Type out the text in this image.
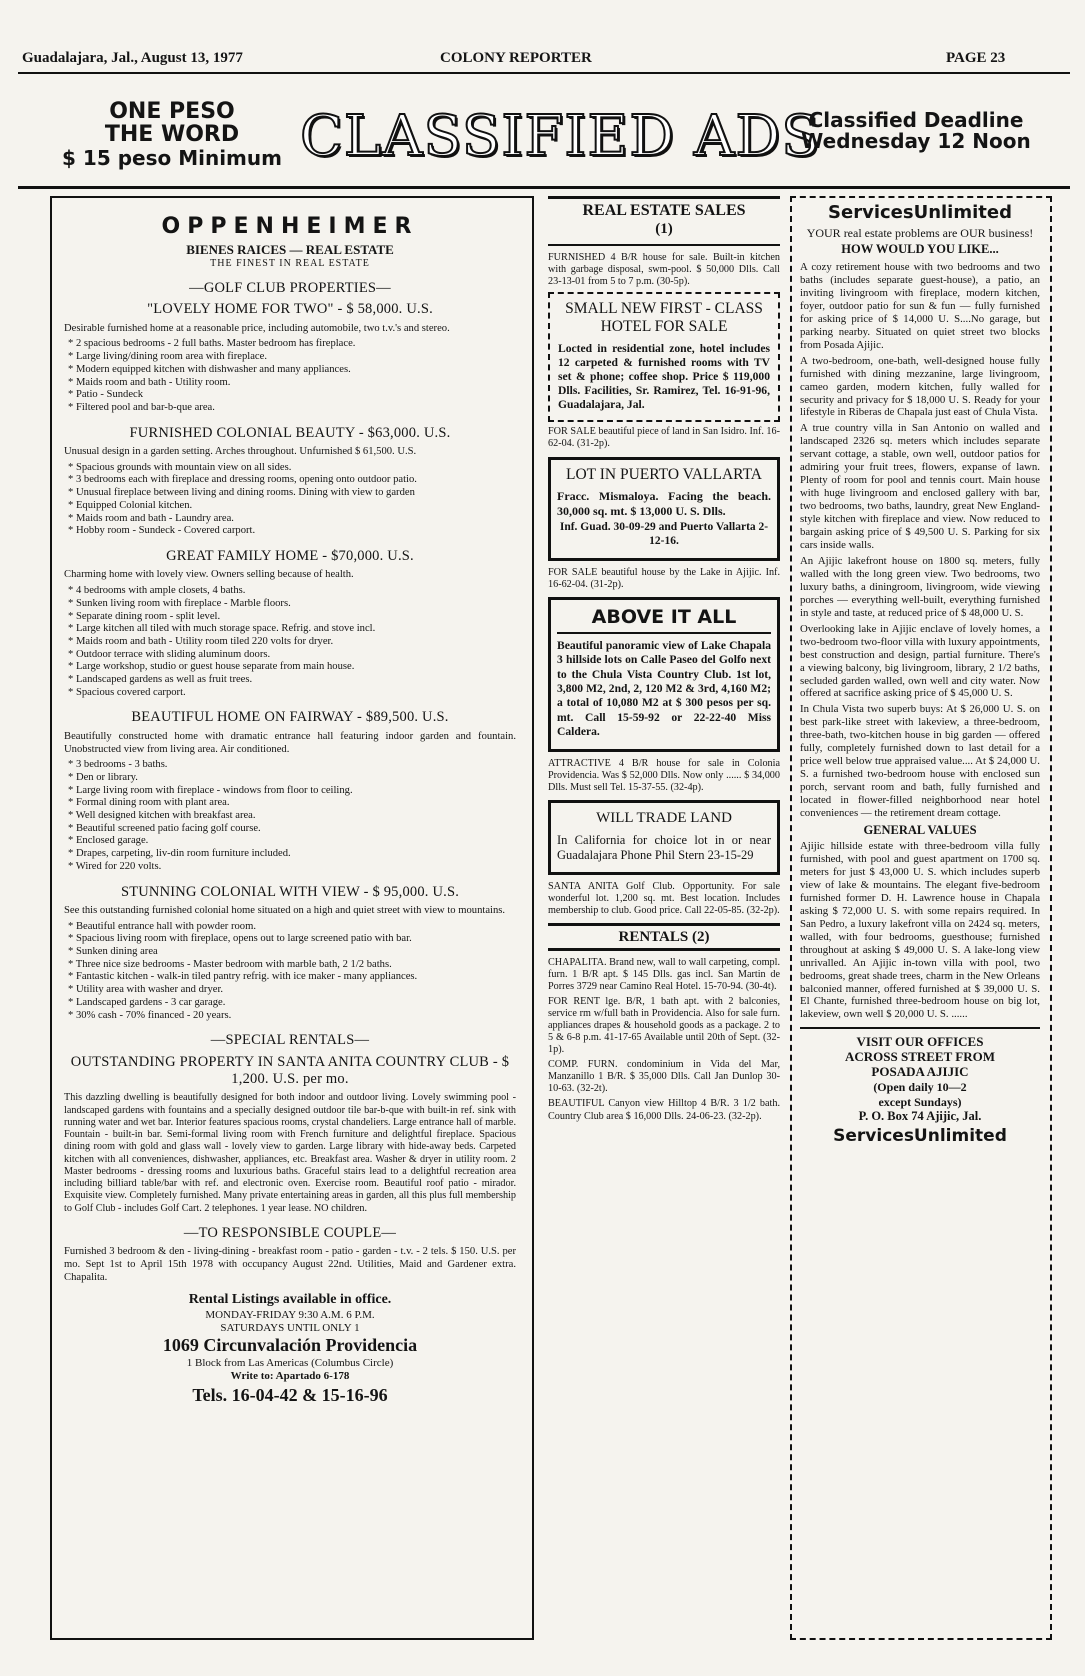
Guadalajara, Jal., August 13, 1977	COLONY REPORTER	PAGE 23
ONE PESO
THE WORD
$ 15 peso Minimum CLASSIFIED ADS
Classified Deadline
Wednesday 12 Noon
OPPENHEIMER
BIENES RAICES — REAL ESTATE
THE FINEST IN REAL ESTATE
—GOLF CLUB PROPERTIES—
"LOVELY HOME FOR TWO" - $ 58,000. U.S.

Desirable furnished home at a reasonable price, including automobile, two t.v.'s and stereo.

* 2 spacious bedrooms - 2 full baths. Master bedroom has fireplace.
* Large living/dining room area with fireplace.
* Modern equipped kitchen with dishwasher and many appliances.
* Maids room and bath - Utility room.
* Patio - Sundeck
* Filtered pool and bar-b-que area.
FURNISHED COLONIAL BEAUTY - $63,000. U.S.

Unusual design in a garden setting. Arches throughout. Unfurnished $ 61,500. U.S.

* Spacious grounds with mountain view on all sides.
* 3 bedrooms each with fireplace and dressing rooms, opening onto outdoor patio.
* Unusual fireplace between living and dining rooms. Dining with view to garden
* Equipped Colonial kitchen.
* Maids room and bath - Laundry area.
* Hobby room - Sundeck - Covered carport.
GREAT FAMILY HOME - $70,000. U.S.

Charming home with lovely view. Owners selling because of health.

* 4 bedrooms with ample closets, 4 baths.
* Sunken living room with fireplace - Marble floors.
* Separate dining room - split level.
* Large kitchen all tiled with much storage space. Refrig. and stove incl.
* Maids room and bath - Utility room tiled 220 volts for dryer.
* Outdoor terrace with sliding aluminum doors.
* Large workshop, studio or guest house separate from main house.
* Landscaped gardens as well as fruit trees.
* Spacious covered carport.
BEAUTIFUL HOME ON FAIRWAY - $89,500. U.S.

Beautifully constructed home with dramatic entrance hall featuring indoor garden and fountain. Unobstructed view from living area. Air conditioned.

* 3 bedrooms - 3 baths.
* Den or library.
* Large living room with fireplace - windows from floor to ceiling.
* Formal dining room with plant area.
* Well designed kitchen with breakfast area.
* Beautiful screened patio facing golf course.
* Enclosed garage.
* Drapes, carpeting, liv-din room furniture included.
* Wired for 220 volts.
STUNNING COLONIAL WITH VIEW - $ 95,000. U.S.

See this outstanding furnished colonial home situated on a high and quiet street with view to mountains.

* Beautiful entrance hall with powder room.
* Spacious living room with fireplace, opens out to large screened patio with bar.
* Sunken dining area
* Three nice size bedrooms - Master bedroom with marble bath, 2 1/2 baths.
* Fantastic kitchen - walk-in tiled pantry refrig. with ice maker - many appliances.
* Utility area with washer and dryer.
* Landscaped gardens - 3 car garage.
* 30% cash - 70% financed - 20 years.
—SPECIAL RENTALS—
OUTSTANDING PROPERTY IN SANTA ANITA COUNTRY CLUB - $ 1,200. U.S. per mo.

This dazzling dwelling is beautifully designed for both indoor and outdoor living. Lovely swimming pool - landscaped gardens with fountains and a specially designed outdoor tile bar-b-que with built-in ref. sink with running water and wet bar. Interior features spacious rooms, crystal chandeliers. Large entrance hall of marble. Fountain - built-in bar. Semi-formal living room with French furniture and delightful fireplace. Spacious dining room with gold and glass wall - lovely view to garden. Large library with hide-away beds. Carpeted kitchen with all conveniences, dishwasher, appliances, etc. Breakfast area. Washer & dryer in utility room. 2 Master bedrooms - dressing rooms and luxurious baths. Graceful stairs lead to a delightful recreation area including billiard table/bar with ref. and electronic oven. Exercise room. Beautiful roof patio - mirador. Exquisite view. Completely furnished. Many private entertaining areas in garden, all this plus full membership to Golf Club - includes Golf Cart. 2 telephones. 1 year lease. NO children.

—TO RESPONSIBLE COUPLE—

Furnished 3 bedroom & den - living-dining - breakfast room - patio - garden - t.v. - 2 tels. $ 150. U.S. per mo. Sept 1st to April 15th 1978 with occupancy August 22nd. Utilities, Maid and Gardener extra. Chapalita.

Rental Listings available in office.
MONDAY-FRIDAY 9:30 A.M. 6 P.M.
SATURDAYS UNTIL ONLY 1
1069 Circunvalación Providencia
1 Block from Las Americas (Columbus Circle)
Write to: Apartado 6-178
Tels. 16-04-42 & 15-16-96
REAL ESTATE SALES
(1)

FURNISHED 4 B/R house for sale. Built-in kitchen with garbage disposal, swm-pool. $ 50,000 Dlls. Call 23-13-01 from 5 to 7 p.m. (30-5p).

SMALL NEW FIRST - CLASS HOTEL FOR SALE

Locted in residential zone, hotel includes 12 carpeted & furnished rooms with TV set & phone; coffee shop. Price $ 119,000 Dlls. Facilities, Sr. Ramirez, Tel. 16-91-96, Guadalajara, Jal.

FOR SALE beautiful piece of land in San Isidro. Inf. 16-62-04. (31-2p).

LOT IN PUERTO VALLARTA

Fracc. Mismaloya. Facing the beach. 30,000 sq. mt. $ 13,000 U. S. Dlls.

Inf. Guad. 30-09-29 and Puerto Vallarta 2-12-16.

FOR SALE beautiful house by the Lake in Ajijic. Inf. 16-62-04. (31-2p).

ABOVE IT ALL

Beautiful panoramic view of Lake Chapala 3 hillside lots on Calle Paseo del Golfo next to the Chula Vista Country Club. 1st lot, 3,800 M2, 2nd, 2, 120 M2 & 3rd, 4,160 M2; a total of 10,080 M2 at $ 300 pesos per sq. mt. Call 15-59-92 or 22-22-40 Miss Caldera.

ATTRACTIVE 4 B/R house for sale in Colonia Providencia. Was $ 52,000 Dlls. Now only ...... $ 34,000 Dlls. Must sell Tel. 15-37-55. (32-4p).

WILL TRADE LAND

In California for choice lot in or near Guadalajara Phone Phil Stern 23-15-29

SANTA ANITA Golf Club. Opportunity. For sale wonderful lot. 1,200 sq. mt. Best location. Includes membership to club. Good price. Call 22-05-85. (32-2p).

RENTALS (2)

CHAPALITA. Brand new, wall to wall carpeting, compl. furn. 1 B/R apt. $ 145 Dlls. gas incl. San Martin de Porres 3729 near Camino Real Hotel. 15-70-94. (30-4t).

FOR RENT lge. B/R, 1 bath apt. with 2 balconies, service rm w/full bath in Providencia. Also for sale furn. appliances drapes & household goods as a package. 2 to 5 & 6-8 p.m. 41-17-65 Available until 20th of Sept. (32-1p).

COMP. FURN. condominium in Vida del Mar, Manzanillo 1 B/R. $ 35,000 Dlls. Call Jan Dunlop 30-10-63. (32-2t).

BEAUTIFUL Canyon view Hilltop 4 B/R. 3 1/2 bath. Country Club area $ 16,000 Dlls. 24-06-23. (32-2p).

ServicesUnlimited
YOUR real estate problems are OUR business!
HOW WOULD YOU LIKE...

A cozy retirement house with two bedrooms and two baths (includes separate guest-house), a patio, an inviting livingroom with fireplace, modern kitchen, foyer, outdoor patio for sun & fun — fully furnished for asking price of $ 14,000 U. S....No garage, but parking nearby. Situated on quiet street two blocks from Posada Ajijic.

A two-bedroom, one-bath, well-designed house fully furnished with dining mezzanine, large livingroom, cameo garden, modern kitchen, fully walled for security and privacy for $ 18,000 U. S. Ready for your lifestyle in Riberas de Chapala just east of Chula Vista.

A true country villa in San Antonio on walled and landscaped 2326 sq. meters which includes separate servant cottage, a stable, own well, outdoor patios for admiring your fruit trees, flowers, expanse of lawn. Plenty of room for pool and tennis court. Main house with huge livingroom and enclosed gallery with bar, two bedrooms, two baths, laundry, great New England-style kitchen with fireplace and view. Now reduced to bargain asking price of $ 49,500 U. S. Parking for six cars inside walls.

An Ajijic lakefront house on 1800 sq. meters, fully walled with the long green view. Two bedrooms, two luxury baths, a diningroom, livingroom, wide viewing porches — everything well-built, everything furnished in style and taste, at reduced price of $ 48,000 U. S.

Overlooking lake in Ajijic enclave of lovely homes, a two-bedroom two-floor villa with luxury appointments, best construction and design, partial furniture. There's a viewing balcony, big livingroom, library, 2 1/2 baths, secluded garden walled, own well and city water. Now offered at sacrifice asking price of $ 45,000 U. S.

In Chula Vista two superb buys: At $ 26,000 U. S. on best park-like street with lakeview, a three-bedroom, three-bath, two-kitchen house in big garden — offered fully, completely furnished down to last detail for a price well below true appraised value.... At $ 24,000 U. S. a furnished two-bedroom house with enclosed sun porch, servant room and bath, fully furnished and located in flower-filled neighborhood near hotel conveniences — the retirement dream cottage.

GENERAL VALUES

Ajijic hillside estate with three-bedroom villa fully furnished, with pool and guest apartment on 1700 sq. meters for just $ 43,000 U. S. which includes superb view of lake & mountains. The elegant five-bedroom furnished former D. H. Lawrence house in Chapala asking $ 72,000 U. S. with some repairs required. In San Pedro, a luxury lakefront villa on 2424 sq. meters, walled, with four bedrooms, guesthouse; furnished throughout at asking $ 49,000 U. S. A lake-long view unrivalled. An Ajijic in-town villa with pool, two bedrooms, great shade trees, charm in the New Orleans balconied manner, offered furnished at $ 39,000 U. S. El Chante, furnished three-bedroom house on big lot, lakeview, own well $ 20,000 U. S. ......

VISIT OUR OFFICES
ACROSS STREET FROM
POSADA AJIJIC
(Open daily 10—2
except Sundays)
P. O. Box 74 Ajijic, Jal.
ServicesUnlimited
